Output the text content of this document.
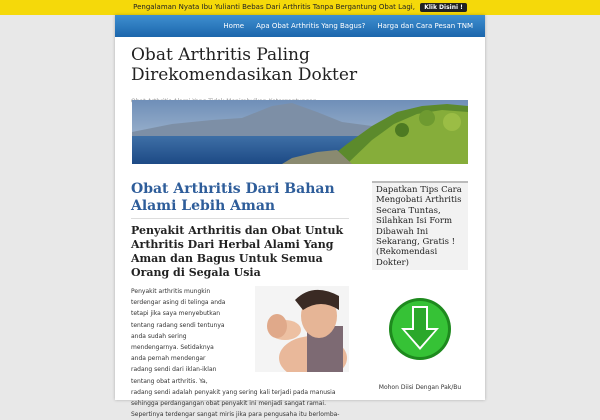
Pengalaman Nyata Ibu Yulianti Bebas Dari Arthritis Tanpa Bergantung Obat Lagi, Klik Disini !
Home	Apa Obat Arthritis Yang Bagus?	Harga dan Cara Pesan TNM
Obat Arthritis Paling Direkomendasikan Dokter
Obat Arthritis Dari Bahan Alami Lebih Aman
Penyakit Arthritis dan Obat Untuk Arthritis Dari Herbal Alami Yang Aman dan Bagus Untuk Semua Orang di Segala Usia
Penyakit arthritis mungkin
terdengar asing di telinga anda
tetapi jika saya menyebutkan
tentang radang sendi tentunya
anda sudah sering
mendengarnya. Setidaknya
anda pernah mendengar
radang sendi dari iklan-iklan
tentang obat arthritis. Ya,
radang sendi adalah penyakit yang sering kali terjadi pada manusia
sehingga perdangangan obat penyakit ini menjadi sangat ramai.
Sepertinya terdengar sangat miris jika para pengusaha itu berlomba-
Dapatkan Tips Cara Mengobati Arthritis Secara Tuntas, Silahkan Isi Form Dibawah Ini Sekarang, Gratis ! (Rekomendasi Dokter)
Mohon Diisi Dengan Pak/Bu
